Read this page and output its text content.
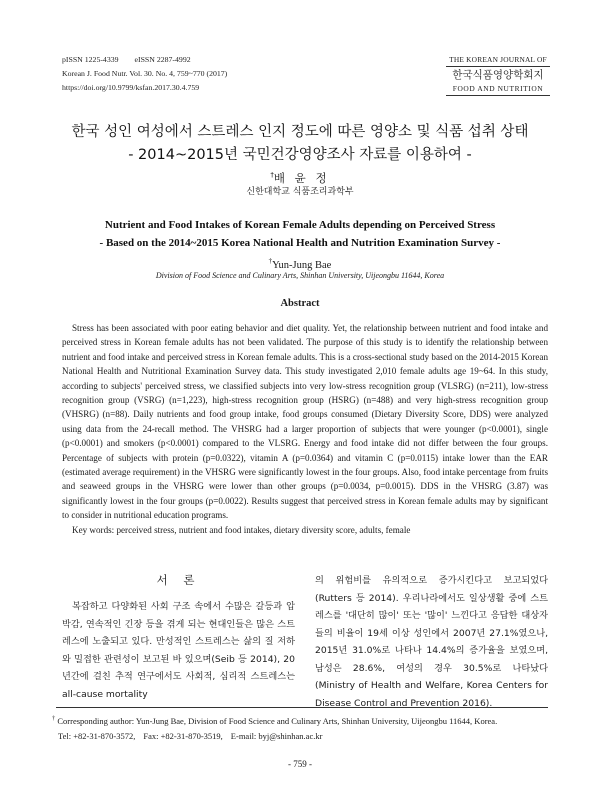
pISSN 1225-4339 eISSN 2287-4992
Korean J. Food Nutr. Vol. 30. No. 4, 759~770 (2017)
https://doi.org/10.9799/ksfan.2017.30.4.759
THE KOREAN JOURNAL OF
한국식품영양학회지
FOOD AND NUTRITION
한국 성인 여성에서 스트레스 인지 정도에 따른 영양소 및 식품 섭취 상태
- 2014~2015년 국민건강영양조사 자료를 이용하여 -
†배 윤 정
신한대학교 식품조리과학부
Nutrient and Food Intakes of Korean Female Adults depending on Perceived Stress
- Based on the 2014~2015 Korea National Health and Nutrition Examination Survey -
†Yun-Jung Bae
Division of Food Science and Culinary Arts, Shinhan University, Uijeongbu 11644, Korea
Abstract

Stress has been associated with poor eating behavior and diet quality. Yet, the relationship between nutrient and food intake and perceived stress in Korean female adults has not been validated. The purpose of this study is to identify the relationship between nutrient and food intake and perceived stress in Korean female adults. This is a cross-sectional study based on the 2014-2015 Korean National Health and Nutritional Examination Survey data. This study investigated 2,010 female adults age 19~64. In this study, according to subjects' perceived stress, we classified subjects into very low-stress recognition group (VLSRG) (n=211), low-stress recognition group (VSRG) (n=1,223), high-stress recognition group (HSRG) (n=488) and very high-stress recognition group (VHSRG) (n=88). Daily nutrients and food group intake, food groups consumed (Dietary Diversity Score, DDS) were analyzed using data from the 24-recall method. The VHSRG had a larger proportion of subjects that were younger (p<0.0001), single (p<0.0001) and smokers (p<0.0001) compared to the VLSRG. Energy and food intake did not differ between the four groups. Percentage of subjects with protein (p=0.0322), vitamin A (p=0.0364) and vitamin C (p=0.0115) intake lower than the EAR (estimated average requirement) in the VHSRG were significantly lowest in the four groups. Also, food intake percentage from fruits and seaweed groups in the VHSRG were lower than other groups (p=0.0034, p=0.0015). DDS in the VHSRG (3.87) was significantly lowest in the four groups (p=0.0022). Results suggest that perceived stress in Korean female adults may by significant to consider in nutritional education programs.

Key words: perceived stress, nutrient and food intakes, dietary diversity score, adults, female

서 론
복잡하고 다양화된 사회 구조 속에서 수많은 갈등과 압박감, 연속적인 긴장 등을 겪게 되는 현대인들은 많은 스트레스에 노출되고 있다. 만성적인 스트레스는 삶의 질 저하와 밀접한 관련성이 보고된 바 있으며(Seib 등 2014), 20년간에 걸친 추적 연구에서도 사회적, 심리적 스트레스는 all-cause mortality
의 위험비를 유의적으로 증가시킨다고 보고되었다(Rutters 등 2014). 우리나라에서도 일상생활 중에 스트레스를 '대단히 많이' 또는 '많이' 느낀다고 응답한 대상자들의 비율이 19세 이상 성인에서 2007년 27.1%였으나, 2015년 31.0%로 나타나 14.4%의 증가율을 보였으며, 남성은 28.6%, 여성의 경우 30.5%로 나타났다 (Ministry of Health and Welfare, Korea Centers for Disease Control and Prevention 2016).
† Corresponding author: Yun-Jung Bae, Division of Food Science and Culinary Arts, Shinhan University, Uijeongbu 11644, Korea.
Tel: +82-31-870-3572, Fax: +82-31-870-3519, E-mail: byj@shinhan.ac.kr
- 759 -
